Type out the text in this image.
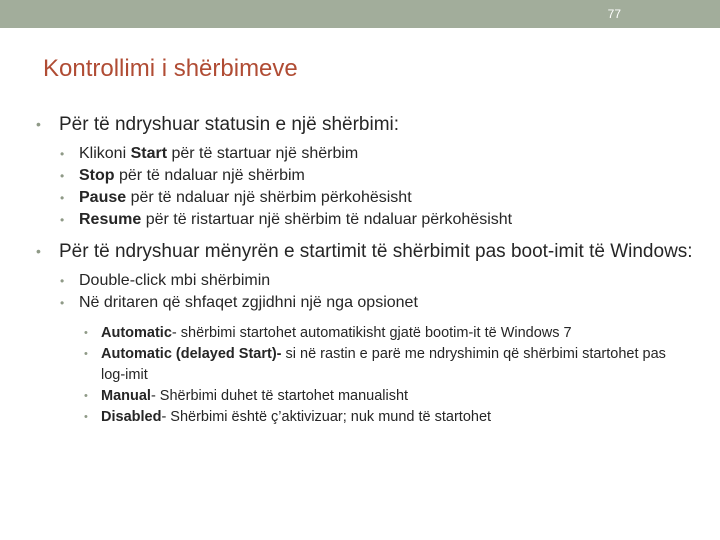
77
Kontrollimi i shërbimeve
• Për të ndryshuar statusin e një shërbimi:
• Klikoni Start për të startuar një shërbim
• Stop për të ndaluar një shërbim
• Pause për të ndaluar një shërbim përkohësisht
• Resume për të ristartuar një shërbim të ndaluar përkohësisht
• Për të ndryshuar mënyrën e startimit të shërbimit pas boot-imit të Windows:
• Double-click mbi shërbimin
• Në dritaren që shfaqet zgjidhni një nga opsionet
• Automatic- shërbimi startohet automatikisht gjatë bootim-it të Windows 7
• Automatic (delayed Start)- si në rastin e parë me ndryshimin që shërbimi startohet pas log-imit
• Manual- Shërbimi duhet të startohet manualisht
• Disabled- Shërbimi është ç’aktivizuar; nuk mund të startohet
